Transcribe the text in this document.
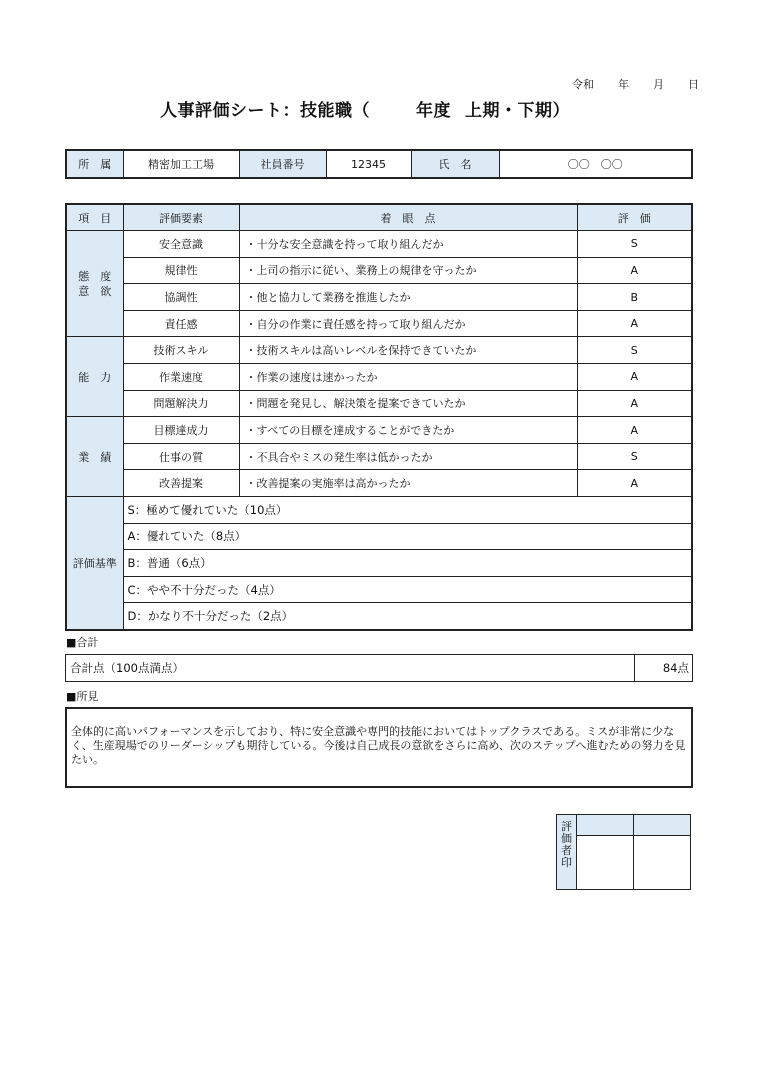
令和 年 月 日
人事評価シート：技能職（	年度 上期・下期）
所　属	精密加工工場	社員番号	12345	氏　名	〇〇　〇〇
項　目	評価要素	着　眼　点	評　価
態　度
意　欲	安全意識	・十分な安全意識を持って取り組んだか	S
	規律性	・上司の指示に従い、業務上の規律を守ったか	A
	協調性	・他と協力して業務を推進したか	B
	責任感	・自分の作業に責任感を持って取り組んだか	A
能　力	技術スキル	・技術スキルは高いレベルを保持できていたか	S
	作業速度	・作業の速度は速かったか	A
	問題解決力	・問題を発見し、解決策を提案できていたか	A
業　績	目標達成力	・すべての目標を達成することができたか	A
	仕事の質	・不具合やミスの発生率は低かったか	S
	改善提案	・改善提案の実施率は高かったか	A
評価基準	S：極めて優れていた（10点）		
	A：優れていた（8点）		
	B：普通（6点）		
	C：やや不十分だった（4点）		
	D：かなり不十分だった（2点）		
■合計
合計点（100点満点）	84点
■所見
全体的に高いパフォーマンスを示しており、特に安全意識や専門的技能においてはトップクラスである。ミスが非常に少なく、生産現場でのリーダーシップも期待している。今後は自己成長の意欲をさらに高め、次のステップへ進むための努力を見たい。
評価者印		
